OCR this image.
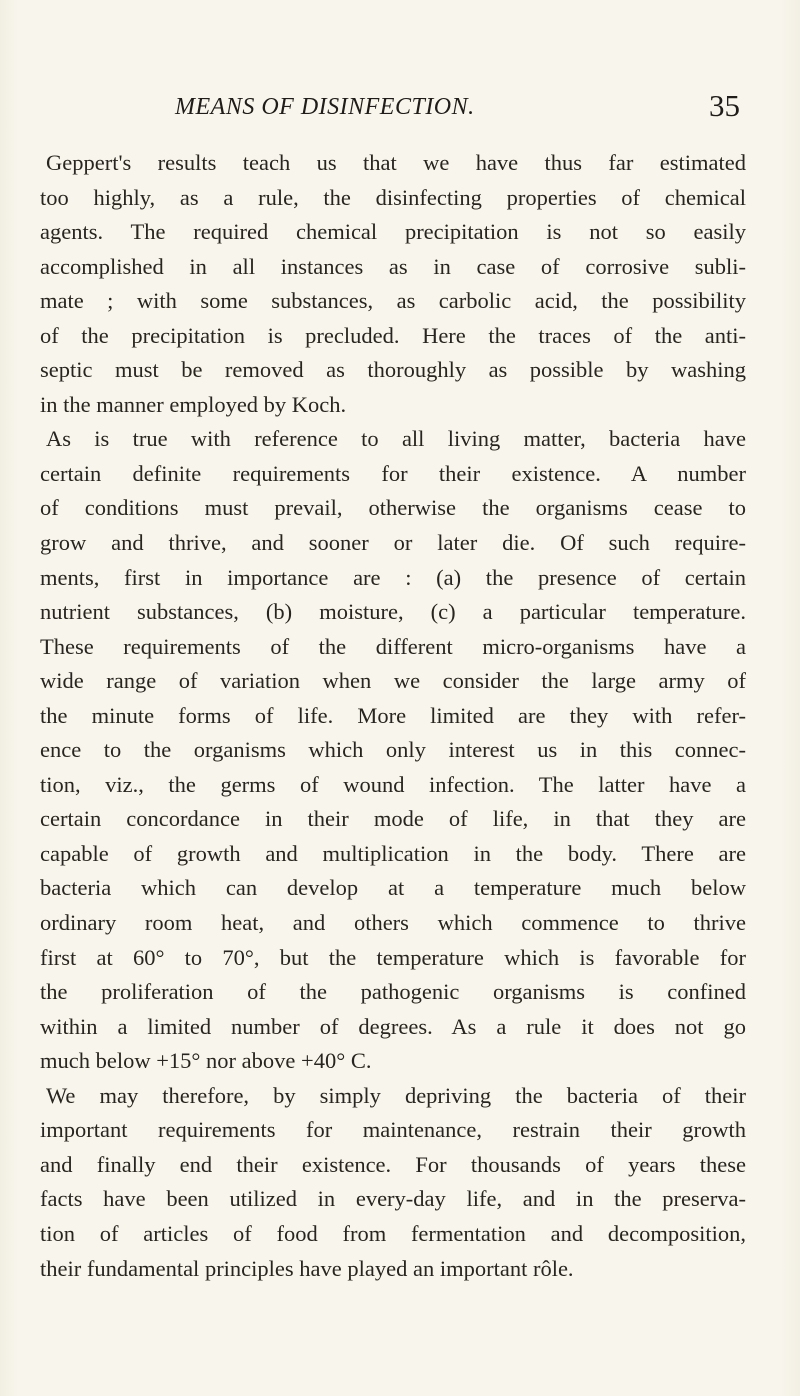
MEANS OF DISINFECTION.	35
Geppert's results teach us that we have thus far estimated
too highly, as a rule, the disinfecting properties of chemical
agents. The required chemical precipitation is not so easily
accomplished in all instances as in case of corrosive subli-
mate ; with some substances, as carbolic acid, the possibility
of the precipitation is precluded. Here the traces of the anti-
septic must be removed as thoroughly as possible by washing
in the manner employed by Koch.
As is true with reference to all living matter, bacteria have
certain definite requirements for their existence. A number
of conditions must prevail, otherwise the organisms cease to
grow and thrive, and sooner or later die. Of such require-
ments, first in importance are : (a) the presence of certain
nutrient substances, (b) moisture, (c) a particular temperature.
These requirements of the different micro-organisms have a
wide range of variation when we consider the large army of
the minute forms of life. More limited are they with refer-
ence to the organisms which only interest us in this connec-
tion, viz., the germs of wound infection. The latter have a
certain concordance in their mode of life, in that they are
capable of growth and multiplication in the body. There are
bacteria which can develop at a temperature much below
ordinary room heat, and others which commence to thrive
first at 60° to 70°, but the temperature which is favorable for
the proliferation of the pathogenic organisms is confined
within a limited number of degrees. As a rule it does not go
much below +15° nor above +40° C.
We may therefore, by simply depriving the bacteria of their
important requirements for maintenance, restrain their growth
and finally end their existence. For thousands of years these
facts have been utilized in every-day life, and in the preserva-
tion of articles of food from fermentation and decomposition,
their fundamental principles have played an important rôle.
